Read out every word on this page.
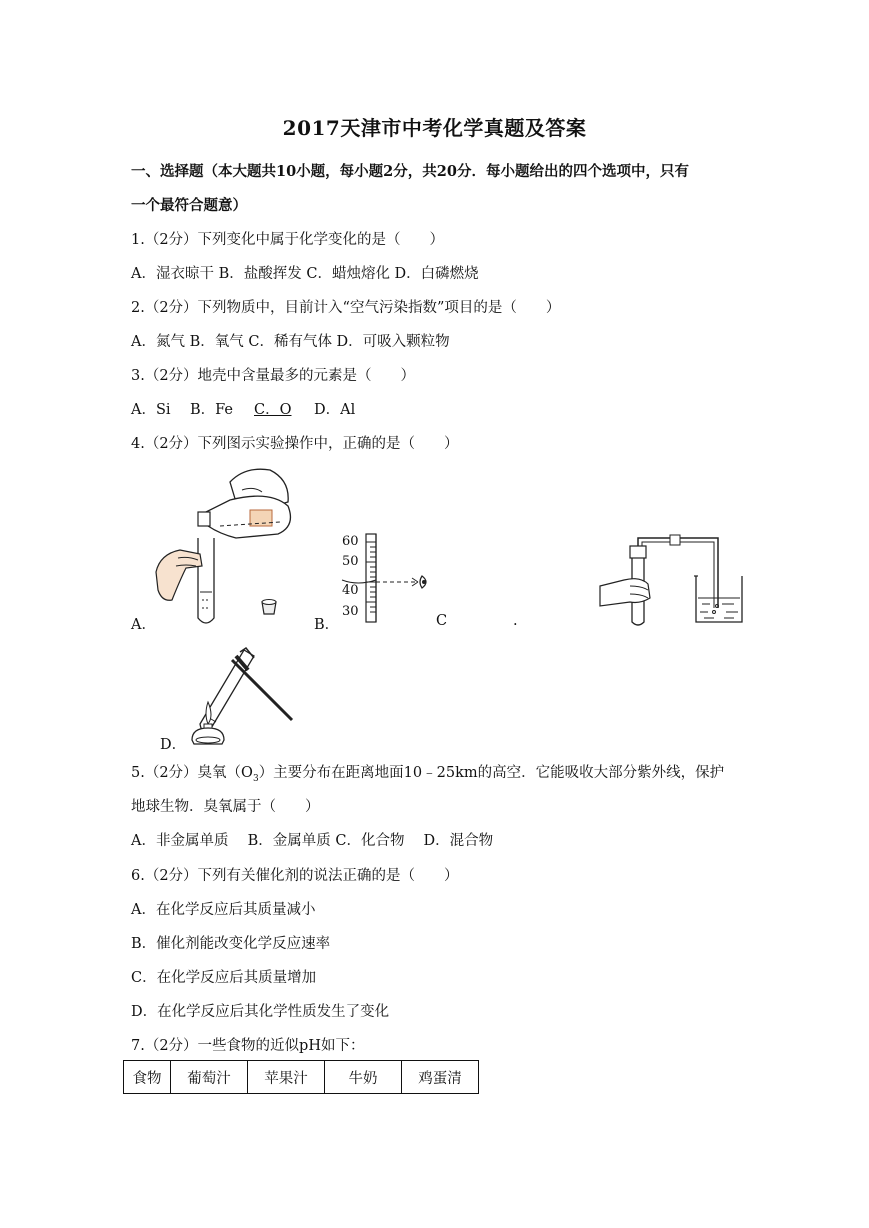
2017天津市中考化学真题及答案
一、选择题（本大题共10小题，每小题2分，共20分．每小题给出的四个选项中，只有
一个最符合题意）
1.（2分）下列变化中属于化学变化的是（　　）
A．湿衣晾干 B．盐酸挥发 C．蜡烛熔化 D．白磷燃烧
2.（2分）下列物质中，目前计入“空气污染指数”项目的是（　　）
A．氮气 B．氧气 C．稀有气体 D．可吸入颗粒物
3.（2分）地壳中含量最多的元素是（　　）
A．Si B．Fe C．O D．Al
4.（2分）下列图示实验操作中，正确的是（　　）
A．
60
50
40
30
B．	C	.
D．
5.（2分）臭氧$(O_3)$主要分布在距离地面10﹣25km的高空．它能吸收大部分紫外线，保护
地球生物．臭氧属于（　　）
A．非金属单质　 B．金属单质 C．化合物　 D．混合物
6.（2分）下列有关催化剂的说法正确的是（　　）
A．在化学反应后其质量减小
B．催化剂能改变化学反应速率
C．在化学反应后其质量增加
D．在化学反应后其化学性质发生了变化
7.（2分）一些食物的近似pH如下：
食物	葡萄汁	苹果汁	牛奶	鸡蛋清
